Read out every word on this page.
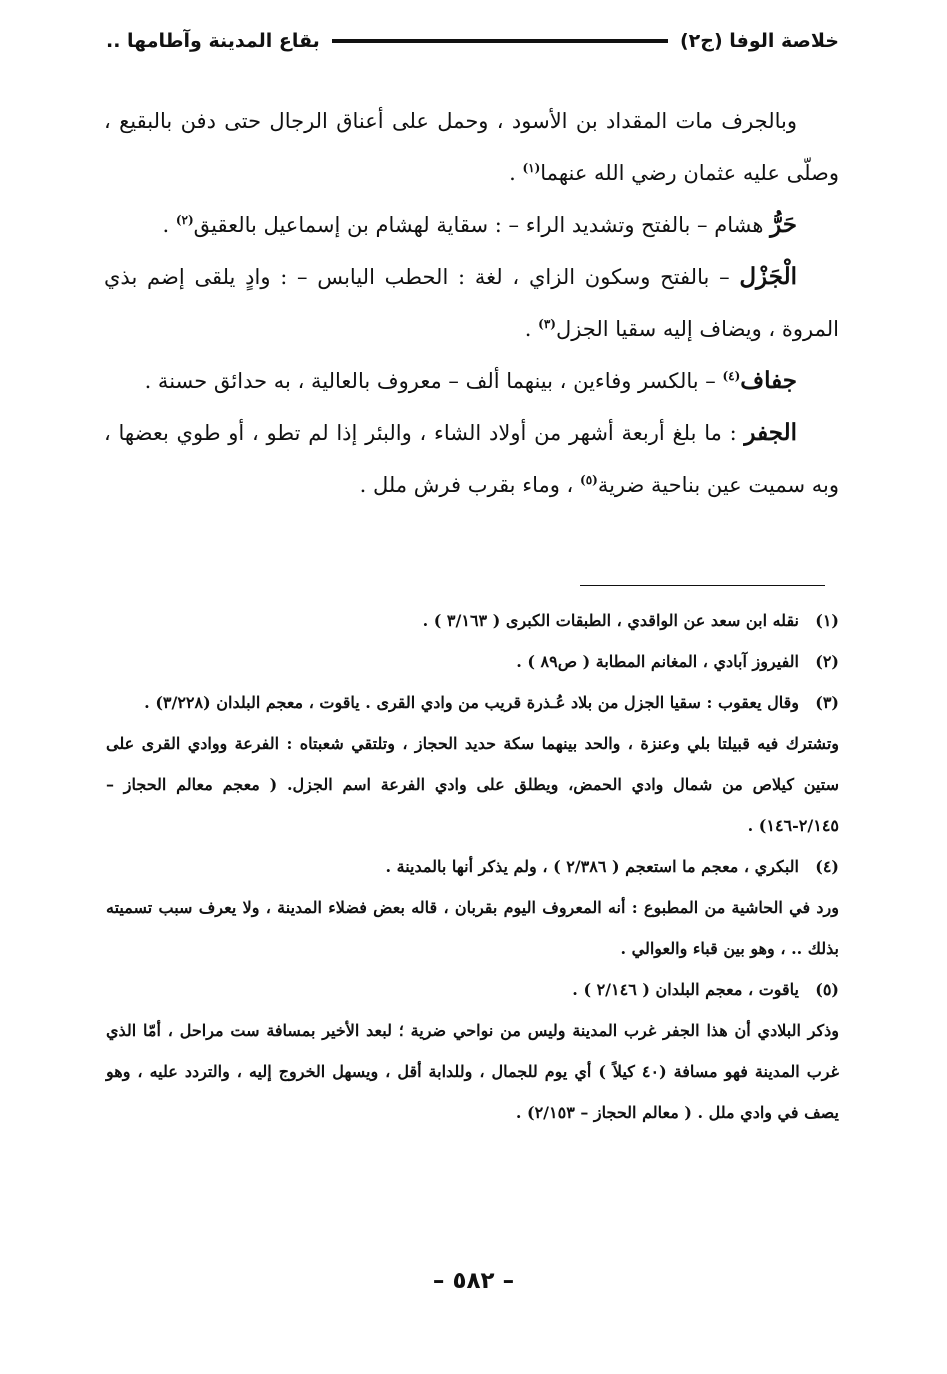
خلاصة الوفا (ج٢)
بقاع المدينة وآطامها ..

وبالجرف مات المقداد بن الأسود ، وحمل على أعناق الرجال حتى دفن بالبقيع ، وصلّى عليه عثمان رضي الله عنهما$^{(١)}$ .

حَرُّ هشام – بالفتح وتشديد الراء – : سقاية لهشام بن إسماعيل بالعقيق$^{(٢)}$ .

الْجَزْل – بالفتح وسكون الزاي ، لغة : الحطب اليابس – : وادٍ يلقى إضم بذي المروة ، ويضاف إليه سقيا الجزل$^{(٣)}$ .

جفاف$^{(٤)}$ – بالكسر وفاءين ، بينهما ألف – معروف بالعالية ، به حدائق حسنة .

الجفر : ما بلغ أربعة أشهر من أولاد الشاء ، والبئر إذا لم تطو ، أو طوي بعضها ، وبه سميت عين بناحية ضرية$^{(٥)}$ ، وماء بقرب فرش ملل .

(١)نقله ابن سعد عن الواقدي ، الطبقات الكبرى ( ٣/١٦٣ ) .

(٢)الفيروز آبادي ، المغانم المطابة ( ص٨٩ ) .

(٣)وقال يعقوب : سقيا الجزل من بلاد عُـذرة قريب من وادي القرى . ياقوت ، معجم البلدان (٣/٢٢٨) .

وتشترك فيه قبيلتا بلي وعنزة ، والحد بينهما سكة حديد الحجاز ، وتلتقي شعبتاه : الفرعة ووادي القرى على ستين كيلاص من شمال وادي الحمض، ويطلق على وادي الفرعة اسم الجزل. ( معجم معالم الحجاز – ٢/١٤٥-١٤٦) .

(٤)البكري ، معجم ما استعجم ( ٢/٣٨٦ ) ، ولم يذكر أنها بالمدينة .

ورد في الحاشية من المطبوع : أنه المعروف اليوم بقربان ، قاله بعض فضلاء المدينة ، ولا يعرف سبب تسميته بذلك .. ، وهو بين قباء والعوالي .

(٥)ياقوت ، معجم البلدان ( ٢/١٤٦ ) .

وذكر البلادي أن هذا الجفر غرب المدينة وليس من نواحي ضرية ؛ لبعد الأخير بمسافة ست مراحل ، أمّا الذي غرب المدينة فهو مسافة (٤٠ كيلاً ) أي يوم للجمال ، وللدابة أقل ، ويسهل الخروج إليه ، والتردد عليه ، وهو يصف في وادي ملل . ( معالم الحجاز – ٢/١٥٣) .

– ٥٨٢ –
